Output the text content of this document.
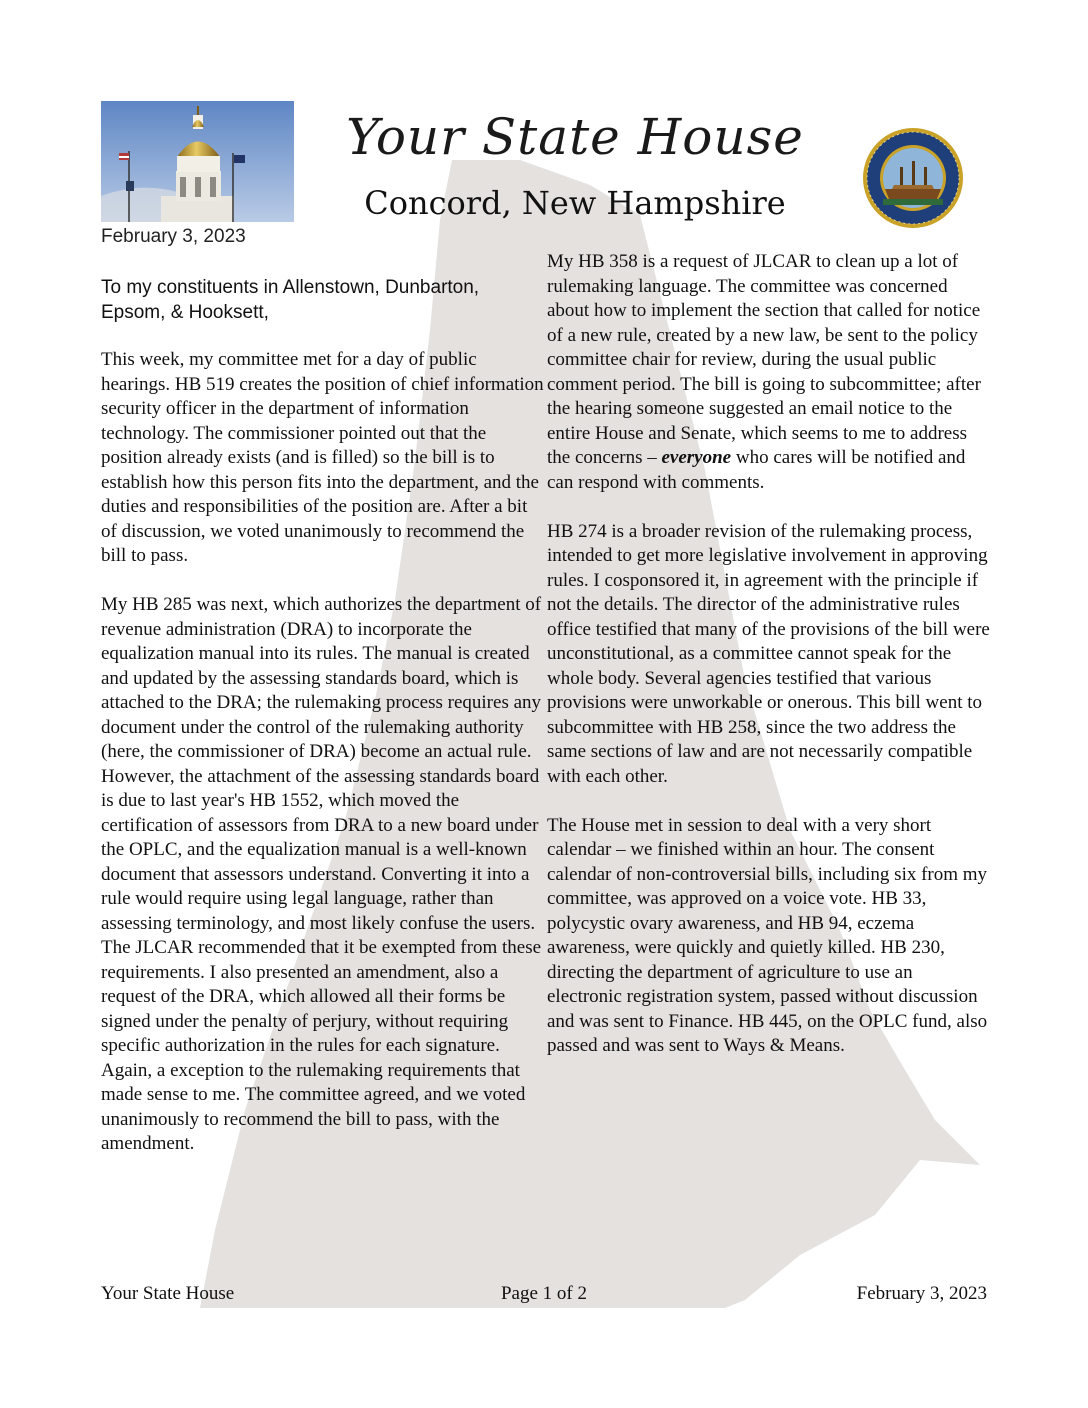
Your State House
Concord, New Hampshire
February 3, 2023
To my constituents in Allenstown, Dunbarton, Epsom, & Hooksett,

This week, my committee met for a day of public hearings. HB 519 creates the position of chief information security officer in the department of information technology. The commissioner pointed out that the position already exists (and is filled) so the bill is to establish how this person fits into the department, and the duties and responsibilities of the position are. After a bit of discussion, we voted unanimously to recommend the bill to pass.

My HB 285 was next, which authorizes the department of revenue administration (DRA) to incorporate the equalization manual into its rules. The manual is created and updated by the assessing standards board, which is attached to the DRA; the rulemaking process requires any document under the control of the rulemaking authority (here, the commissioner of DRA) become an actual rule. However, the attachment of the assessing standards board is due to last year's HB 1552, which moved the certification of assessors from DRA to a new board under the OPLC, and the equalization manual is a well-known document that assessors understand. Converting it into a rule would require using legal language, rather than assessing terminology, and most likely confuse the users. The JLCAR recommended that it be exempted from these requirements. I also presented an amendment, also a request of the DRA, which allowed all their forms be signed under the penalty of perjury, without requiring specific authorization in the rules for each signature. Again, a exception to the rulemaking requirements that made sense to me. The committee agreed, and we voted unanimously to recommend the bill to pass, with the amendment.

My HB 358 is a request of JLCAR to clean up a lot of rulemaking language. The committee was concerned about how to implement the section that called for notice of a new rule, created by a new law, be sent to the policy committee chair for review, during the usual public comment period. The bill is going to subcommittee; after the hearing someone suggested an email notice to the entire House and Senate, which seems to me to address the concerns – everyone who cares will be notified and can respond with comments.

HB 274 is a broader revision of the rulemaking process, intended to get more legislative involvement in approving rules. I cosponsored it, in agreement with the principle if not the details. The director of the administrative rules office testified that many of the provisions of the bill were unconstitutional, as a committee cannot speak for the whole body. Several agencies testified that various provisions were unworkable or onerous. This bill went to subcommittee with HB 258, since the two address the same sections of law and are not necessarily compatible with each other.

The House met in session to deal with a very short calendar – we finished within an hour. The consent calendar of non-controversial bills, including six from my committee, was approved on a voice vote. HB 33, polycystic ovary awareness, and HB 94, eczema awareness, were quickly and quietly killed. HB 230, directing the department of agriculture to use an electronic registration system, passed without discussion and was sent to Finance. HB 445, on the OPLC fund, also passed and was sent to Ways & Means.

Your State House	Page 1 of 2	February 3, 2023
